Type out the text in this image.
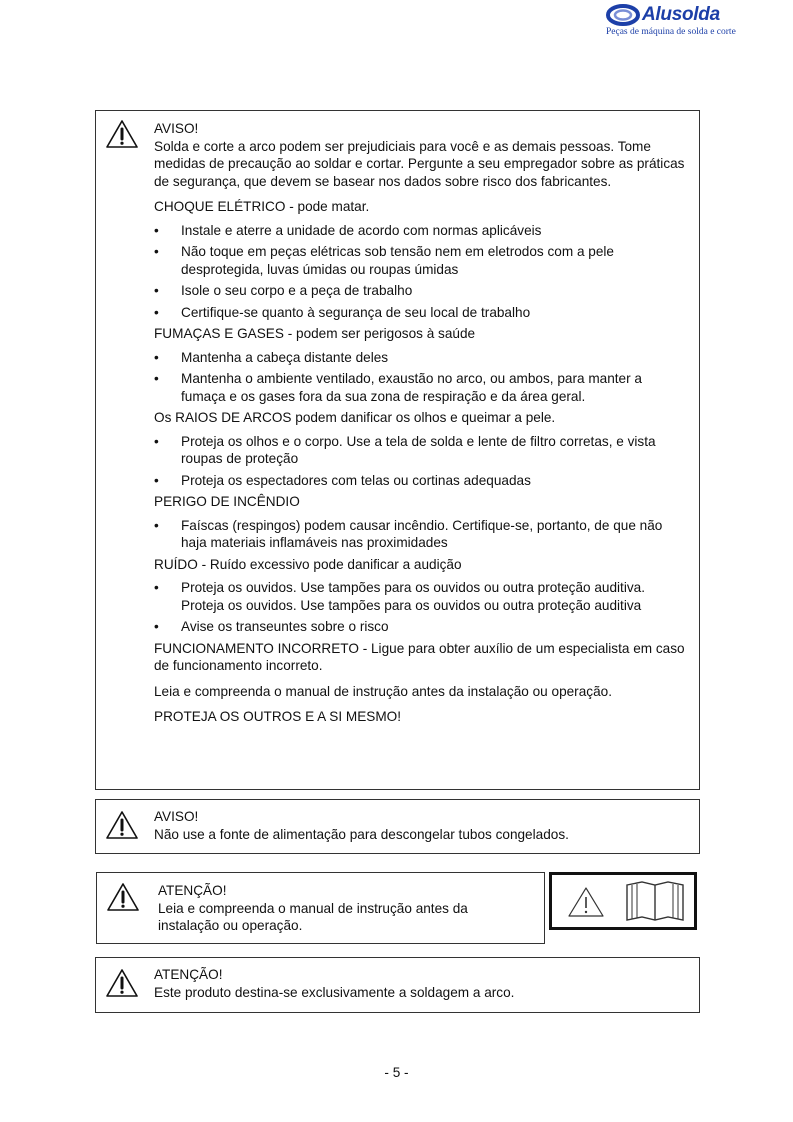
Alusolda
Peças de máquina de solda e corte

AVISO!

Solda e corte a arco podem ser prejudiciais para você e as demais pessoas. Tome medidas de precaução ao soldar e cortar. Pergunte a seu empregador sobre as práticas de segurança, que devem se basear nos dados sobre risco dos fabricantes.

CHOQUE ELÉTRICO - pode matar.

• Instale e aterre a unidade de acordo com normas aplicáveis
• Não toque em peças elétricas sob tensão nem em eletrodos com a pele desprotegida, luvas úmidas ou roupas úmidas
• Isole o seu corpo e a peça de trabalho
• Certifique-se quanto à segurança de seu local de trabalho

FUMAÇAS E GASES - podem ser perigosos à saúde

• Mantenha a cabeça distante deles
• Mantenha o ambiente ventilado, exaustão no arco, ou ambos, para manter a fumaça e os gases fora da sua zona de respiração e da área geral.

Os RAIOS DE ARCOS podem danificar os olhos e queimar a pele.

• Proteja os olhos e o corpo. Use a tela de solda e lente de filtro corretas, e vista roupas de proteção
• Proteja os espectadores com telas ou cortinas adequadas

PERIGO DE INCÊNDIO

• Faíscas (respingos) podem causar incêndio. Certifique-se, portanto, de que não haja materiais inflamáveis nas proximidades

RUÍDO - Ruído excessivo pode danificar a audição

• Proteja os ouvidos. Use tampões para os ouvidos ou outra proteção auditiva. Proteja os ouvidos. Use tampões para os ouvidos ou outra proteção auditiva
• Avise os transeuntes sobre o risco

FUNCIONAMENTO INCORRETO - Ligue para obter auxílio de um especialista em caso de funcionamento incorreto.

Leia e compreenda o manual de instrução antes da instalação ou operação.

PROTEJA OS OUTROS E A SI MESMO!

AVISO!

Não use a fonte de alimentação para descongelar tubos congelados.

ATENÇÃO!

Leia e compreenda o manual de instrução antes da instalação ou operação.

ATENÇÃO!

Este produto destina-se exclusivamente a soldagem a arco.

- 5 -
